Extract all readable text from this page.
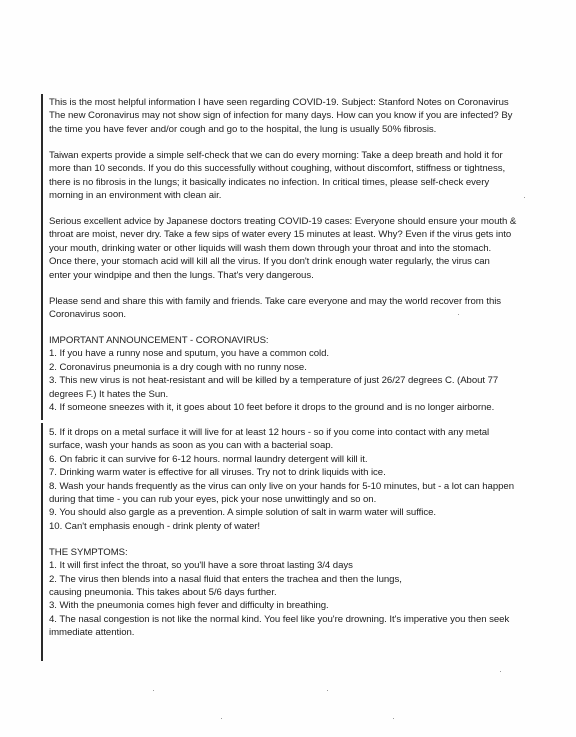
This is the most helpful information I have seen regarding COVID-19. Subject: Stanford Notes on Coronavirus
The new Coronavirus may not show sign of infection for many days. How can you know if you are infected? By
the time you have fever and/or cough and go to the hospital, the lung is usually 50% fibrosis.

Taiwan experts provide a simple self-check that we can do every morning: Take a deep breath and hold it for
more than 10 seconds. If you do this successfully without coughing, without discomfort, stiffness or tightness,
there is no fibrosis in the lungs; it basically indicates no infection. In critical times, please self-check every
morning in an environment with clean air.

Serious excellent advice by Japanese doctors treating COVID-19 cases: Everyone should ensure your mouth &
throat are moist, never dry. Take a few sips of water every 15 minutes at least. Why? Even if the virus gets into
your mouth, drinking water or other liquids will wash them down through your throat and into the stomach.
Once there, your stomach acid will kill all the virus. If you don't drink enough water regularly, the virus can
enter your windpipe and then the lungs. That's very dangerous.

Please send and share this with family and friends. Take care everyone and may the world recover from this
Coronavirus soon.

IMPORTANT ANNOUNCEMENT - CORONAVIRUS:
1. If you have a runny nose and sputum, you have a common cold.
2. Coronavirus pneumonia is a dry cough with no runny nose.
3. This new virus is not heat-resistant and will be killed by a temperature of just 26/27 degrees C. (About 77
degrees F.) It hates the Sun.
4. If someone sneezes with it, it goes about 10 feet before it drops to the ground and is no longer airborne.

5. If it drops on a metal surface it will live for at least 12 hours - so if you come into contact with any metal
surface, wash your hands as soon as you can with a bacterial soap.
6. On fabric it can survive for 6-12 hours. normal laundry detergent will kill it.
7. Drinking warm water is effective for all viruses. Try not to drink liquids with ice.
8. Wash your hands frequently as the virus can only live on your hands for 5-10 minutes, but - a lot can happen
during that time - you can rub your eyes, pick your nose unwittingly and so on.
9. You should also gargle as a prevention. A simple solution of salt in warm water will suffice.
10. Can't emphasis enough - drink plenty of water!

THE SYMPTOMS:
1. It will first infect the throat, so you'll have a sore throat lasting 3/4 days
2. The virus then blends into a nasal fluid that enters the trachea and then the lungs,
causing pneumonia. This takes about 5/6 days further.
3. With the pneumonia comes high fever and difficulty in breathing.
4. The nasal congestion is not like the normal kind. You feel like you're drowning. It's imperative you then seek
immediate attention.
